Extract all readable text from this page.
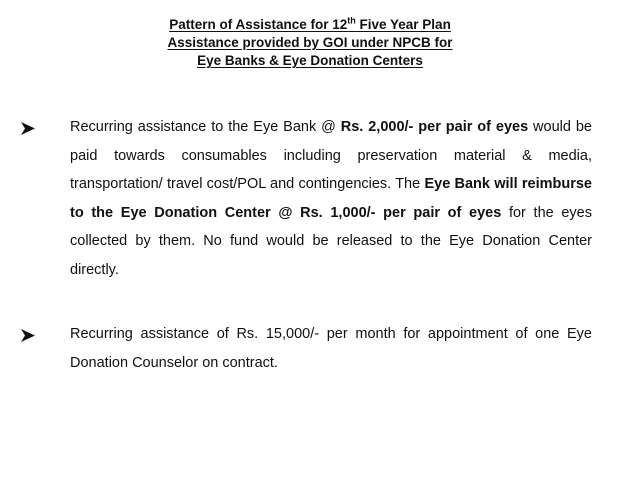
Pattern of Assistance for 12th Five Year Plan
Assistance provided by GOI under NPCB for
Eye Banks & Eye Donation Centers
Recurring assistance to the Eye Bank @ Rs. 2,000/- per pair of eyes would be paid towards consumables including preservation material & media, transportation/ travel cost/POL and contingencies. The Eye Bank will reimburse to the Eye Donation Center @ Rs. 1,000/- per pair of eyes for the eyes collected by them. No fund would be released to the Eye Donation Center directly.
Recurring assistance of Rs. 15,000/- per month for appointment of one Eye Donation Counselor on contract.
